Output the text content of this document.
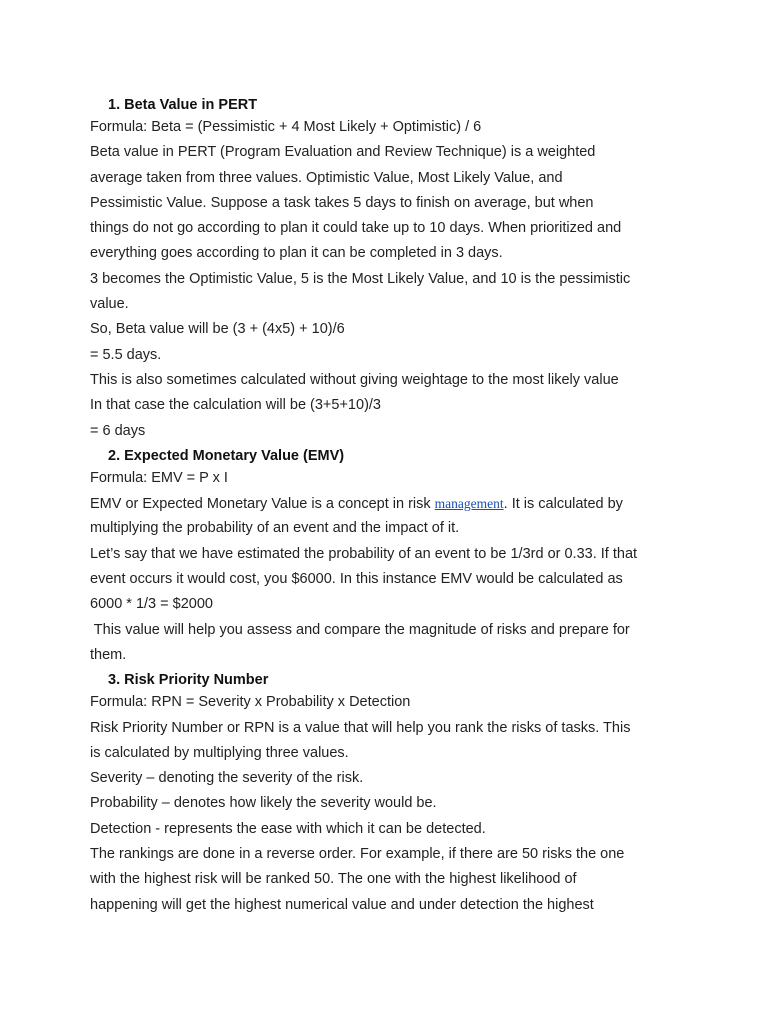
1. Beta Value in PERT

Formula: Beta = (Pessimistic + 4 Most Likely + Optimistic) / 6

Beta value in PERT (Program Evaluation and Review Technique) is a weighted

average taken from three values. Optimistic Value, Most Likely Value, and

Pessimistic Value. Suppose a task takes 5 days to finish on average, but when

things do not go according to plan it could take up to 10 days. When prioritized and

everything goes according to plan it can be completed in 3 days.

3 becomes the Optimistic Value, 5 is the Most Likely Value, and 10 is the pessimistic

value.

So, Beta value will be (3 + (4x5) + 10)/6

= 5.5 days.

This is also sometimes calculated without giving weightage to the most likely value

In that case the calculation will be (3+5+10)/3

= 6 days

2. Expected Monetary Value (EMV)

Formula: EMV = P x I

EMV or Expected Monetary Value is a concept in risk management. It is calculated by

multiplying the probability of an event and the impact of it.

Let’s say that we have estimated the probability of an event to be 1/3rd or 0.33. If that

event occurs it would cost, you $6000. In this instance EMV would be calculated as

6000 * 1/3 = $2000

This value will help you assess and compare the magnitude of risks and prepare for

them.

3. Risk Priority Number

Formula: RPN = Severity x Probability x Detection

Risk Priority Number or RPN is a value that will help you rank the risks of tasks. This

is calculated by multiplying three values.

Severity – denoting the severity of the risk.

Probability – denotes how likely the severity would be.

Detection - represents the ease with which it can be detected.

The rankings are done in a reverse order. For example, if there are 50 risks the one

with the highest risk will be ranked 50. The one with the highest likelihood of

happening will get the highest numerical value and under detection the highest
